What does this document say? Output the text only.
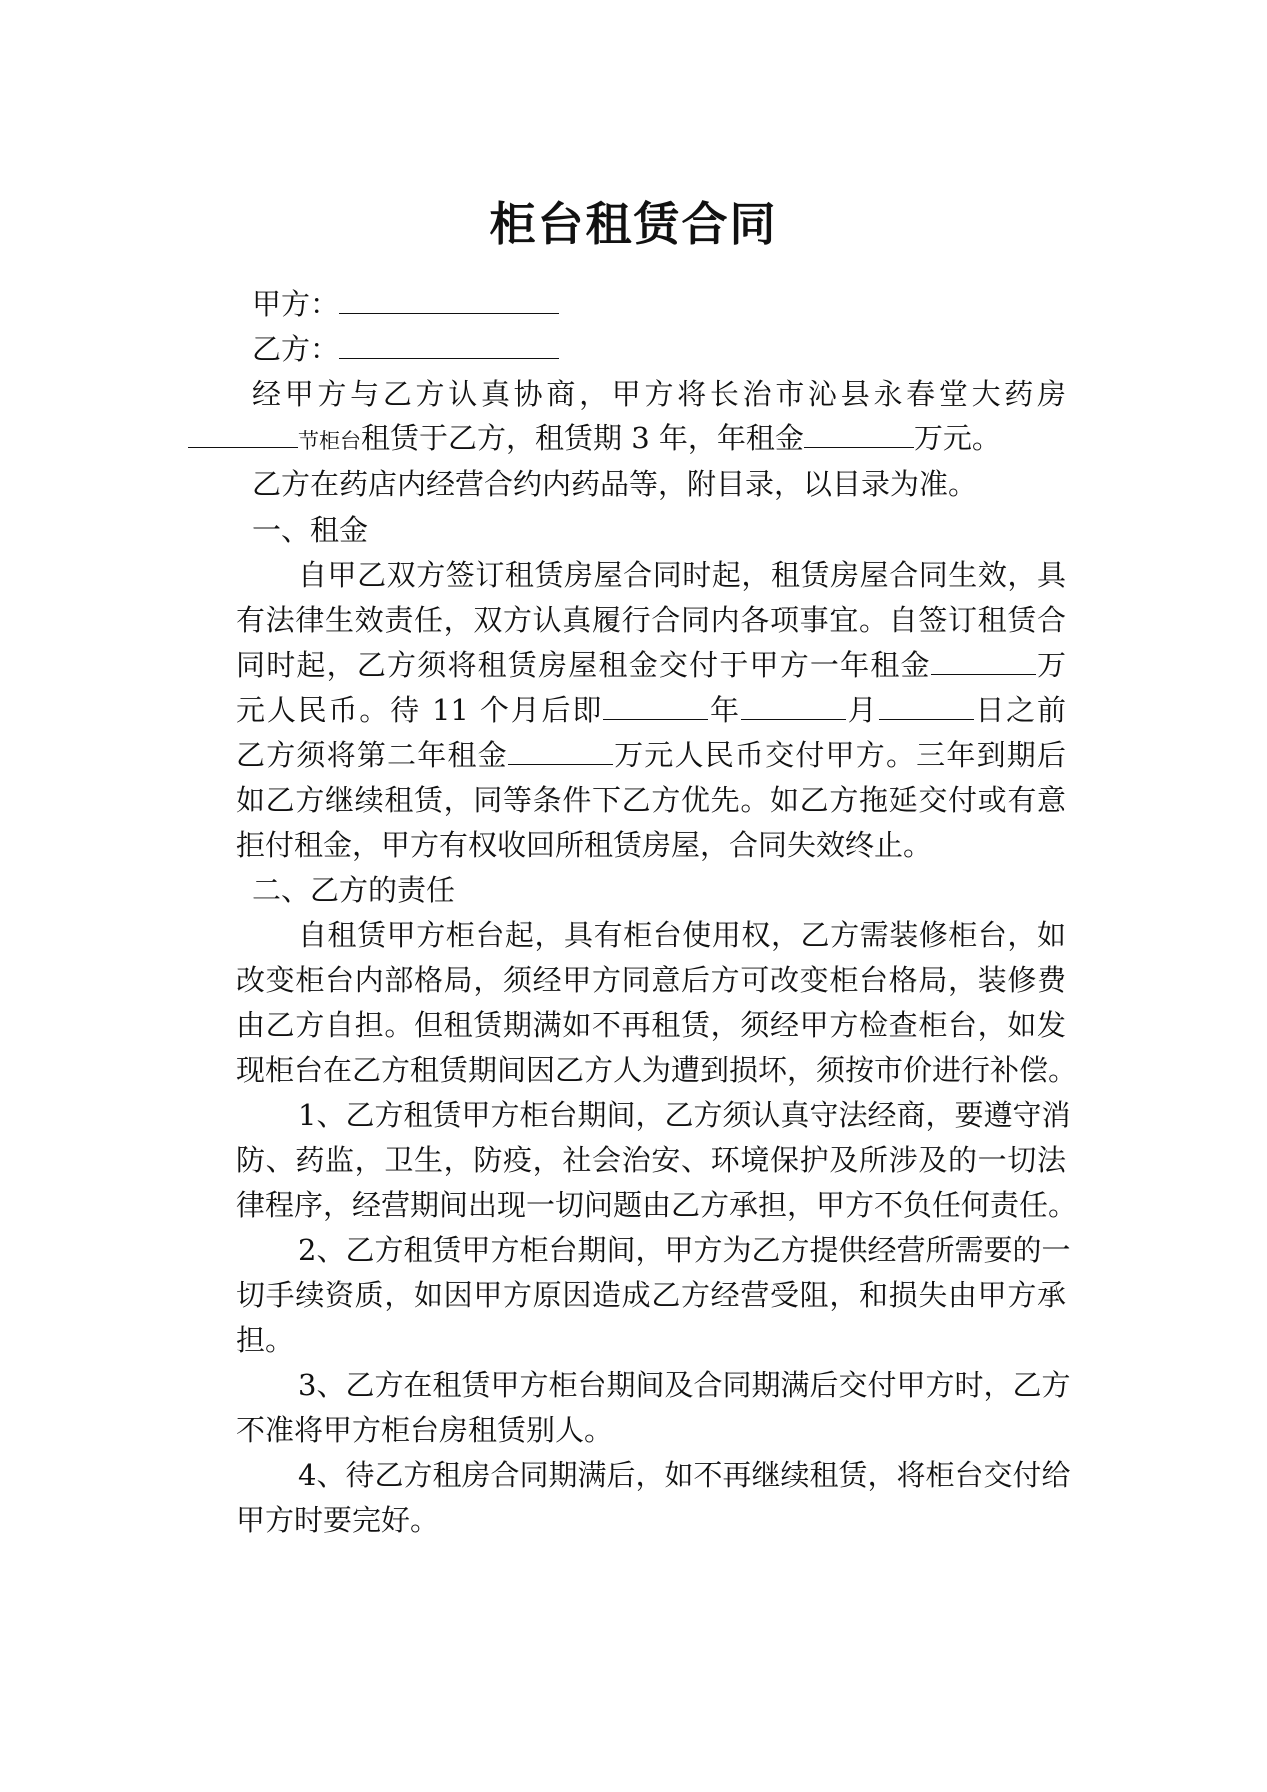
柜台租赁合同
甲方：
乙方：
经甲方与乙方认真协商，甲方将长治市沁县永春堂大药房
节柜台租赁于乙方，租赁期 3 年，年租金	万元。
乙方在药店内经营合约内药品等，附目录，以目录为准。
一、租金
自甲乙双方签订租赁房屋合同时起，租赁房屋合同生效，具
有法律生效责任，双方认真履行合同内各项事宜。自签订租赁合
同时起，乙方须将租赁房屋租金交付于甲方一年租金	万
元人民币。待 11 个月后即	年	月	日之前
乙方须将第二年租金	万元人民币交付甲方。三年到期后
如乙方继续租赁，同等条件下乙方优先。如乙方拖延交付或有意
拒付租金，甲方有权收回所租赁房屋，合同失效终止。
二、乙方的责任
自租赁甲方柜台起，具有柜台使用权，乙方需装修柜台，如
改变柜台内部格局，须经甲方同意后方可改变柜台格局，装修费
由乙方自担。但租赁期满如不再租赁，须经甲方检查柜台，如发
现柜台在乙方租赁期间因乙方人为遭到损坏，须按市价进行补偿。
1、乙方租赁甲方柜台期间，乙方须认真守法经商，要遵守消
防、药监，卫生，防疫，社会治安、环境保护及所涉及的一切法
律程序，经营期间出现一切问题由乙方承担，甲方不负任何责任。
2、乙方租赁甲方柜台期间，甲方为乙方提供经营所需要的一
切手续资质，如因甲方原因造成乙方经营受阻，和损失由甲方承
担。
3、乙方在租赁甲方柜台期间及合同期满后交付甲方时，乙方
不准将甲方柜台房租赁别人。
4、待乙方租房合同期满后，如不再继续租赁，将柜台交付给
甲方时要完好。
